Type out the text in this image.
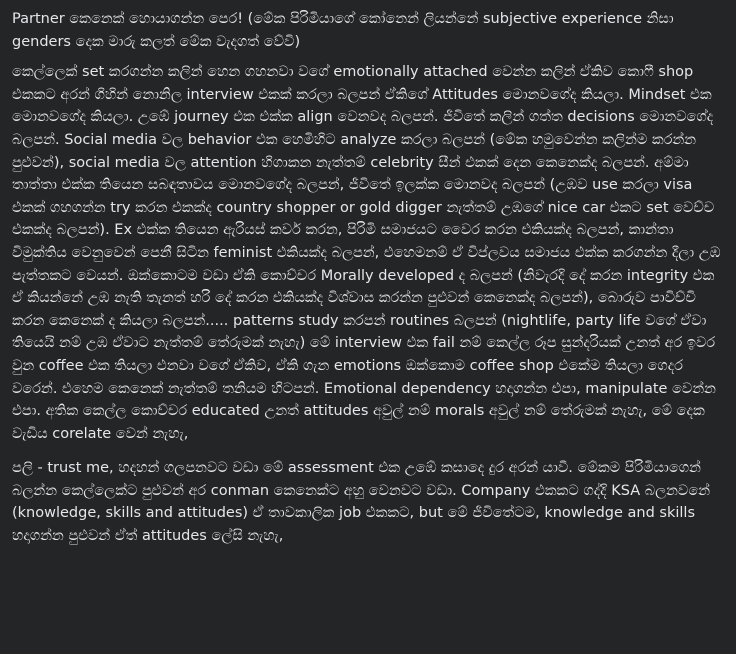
Partner කෙනෙක් හොයාගන්න පෙර! (මේක පිරිමියාගේ කෝනෙන් ලියන්නේ subjective experience නිසා genders දෙක මාරු කලත් මේක වැදගත් වේවි)

කෙල්ලෙක් set කරගන්න කලින් හෙන ගහනවා වගේ emotionally attached වෙන්න කලින් ඒකිව කොෆී shop එකකට අරන් ගිහින් නොනිල interview එකක් කරලා බලපන් ඒකිගේ Attitudes මොනවගේද කියලා. Mindset එක මොනවගේද කියලා. උඹේ journey එක එක්ක align වෙනවද බලපන්. ජීවිතේ කලින් ගත්ත decisions මොනවගේද බලපන්. Social media වල behavior එක හෙමිහිට analyze කරලා බලපන් (මේක හමුවෙන්න කලින්ම කරන්න පුළුවන්), social media වල attention හිගාකන නැත්තම් celebrity සීන් එකක් දෙන කෙනෙක්ද බලපන්. අම්මා තාත්තා එක්ක තියෙන සබඳතාවය මොනවගේද බලපන්, ජීවිතේ ඉලක්ක මොනවද බලපන් (උඹව use කරලා visa එකක් ගහගන්න try කරන එකක්ද country shopper or gold digger නැත්තම් උඹගේ nice car එකට set වෙච්ච එකක්ද බලපන්). Ex එක්ක තියෙන ඇරියස් කවර් කරන, පිරිමි සමාජයට වෛර කරන එකියක්ද බලපන්, කාන්තා විමුක්තිය වෙනුවෙන් පෙනී සිටින feminist එකියක්ද බලපන්, එහෙමනම් ඒ විප්ලවය සමාජය එක්ක කරගන්න දීලා උඹ පැත්තකට වෙයන්. ඔක්කොටම වඩා ඒකි කොච්චර Morally developed ද බලපන් (නිවැරදි දේ කරන integrity එක ඒ කියන්නේ උඹ නැති තැනත් හරි දේ කරන එකියක්ද විශ්වාස කරන්න පුළුවන් කෙනෙක්ද බලපන්), බොරුව පාවිච්චි කරන කෙනෙක් ද කියලා බලපන්..... patterns study කරපන් routines බලපන් (nightlife, party life වගේ ඒවා තියෙයි නම් උඹ ඒවාට නැත්තම් තේරුමක් නැහැ) මේ interview එක fail නම් කෙල්ල රූප සුන්දරියක් උනත් අර ඉවර වුන coffee එක තියලා එනවා වගේ ඒකිව, ඒකි ගැන emotions ඔක්කොම coffee shop එකේම තියලා ගෙදර වරෙන්. එහෙම කෙනෙක් නැත්තම් තනියම හිටපන්. Emotional dependency හදාගන්න එපා, manipulate වෙන්න එපා. අතික කෙල්ල කොච්චර educated උනත් attitudes අවුල් නම් morals අවුල් නම් තේරුමක් නැහැ, මේ දෙක වැඩිය corelate වෙන් නැහැ,

පලි - trust me, හදහන් ගලපනවට වඩා මේ assessment එක උඹේ කසාදෙ දුර අරන් යාවී. මේකම පිරිමියාගෙන් බලන්න කෙල්ලෙක්ට පුළුවන් අර conman කෙනෙක්ට අහු වෙනවට වඩා. Company එකකට ගද්දි KSA බලනවනේ (knowledge, skills and attitudes) ඒ තාවකාලික job එකකට, but මේ ජීවිතේටම, knowledge and skills හදාගන්න පුළුවන් ඒත් attitudes ලේසි නැහැ,
